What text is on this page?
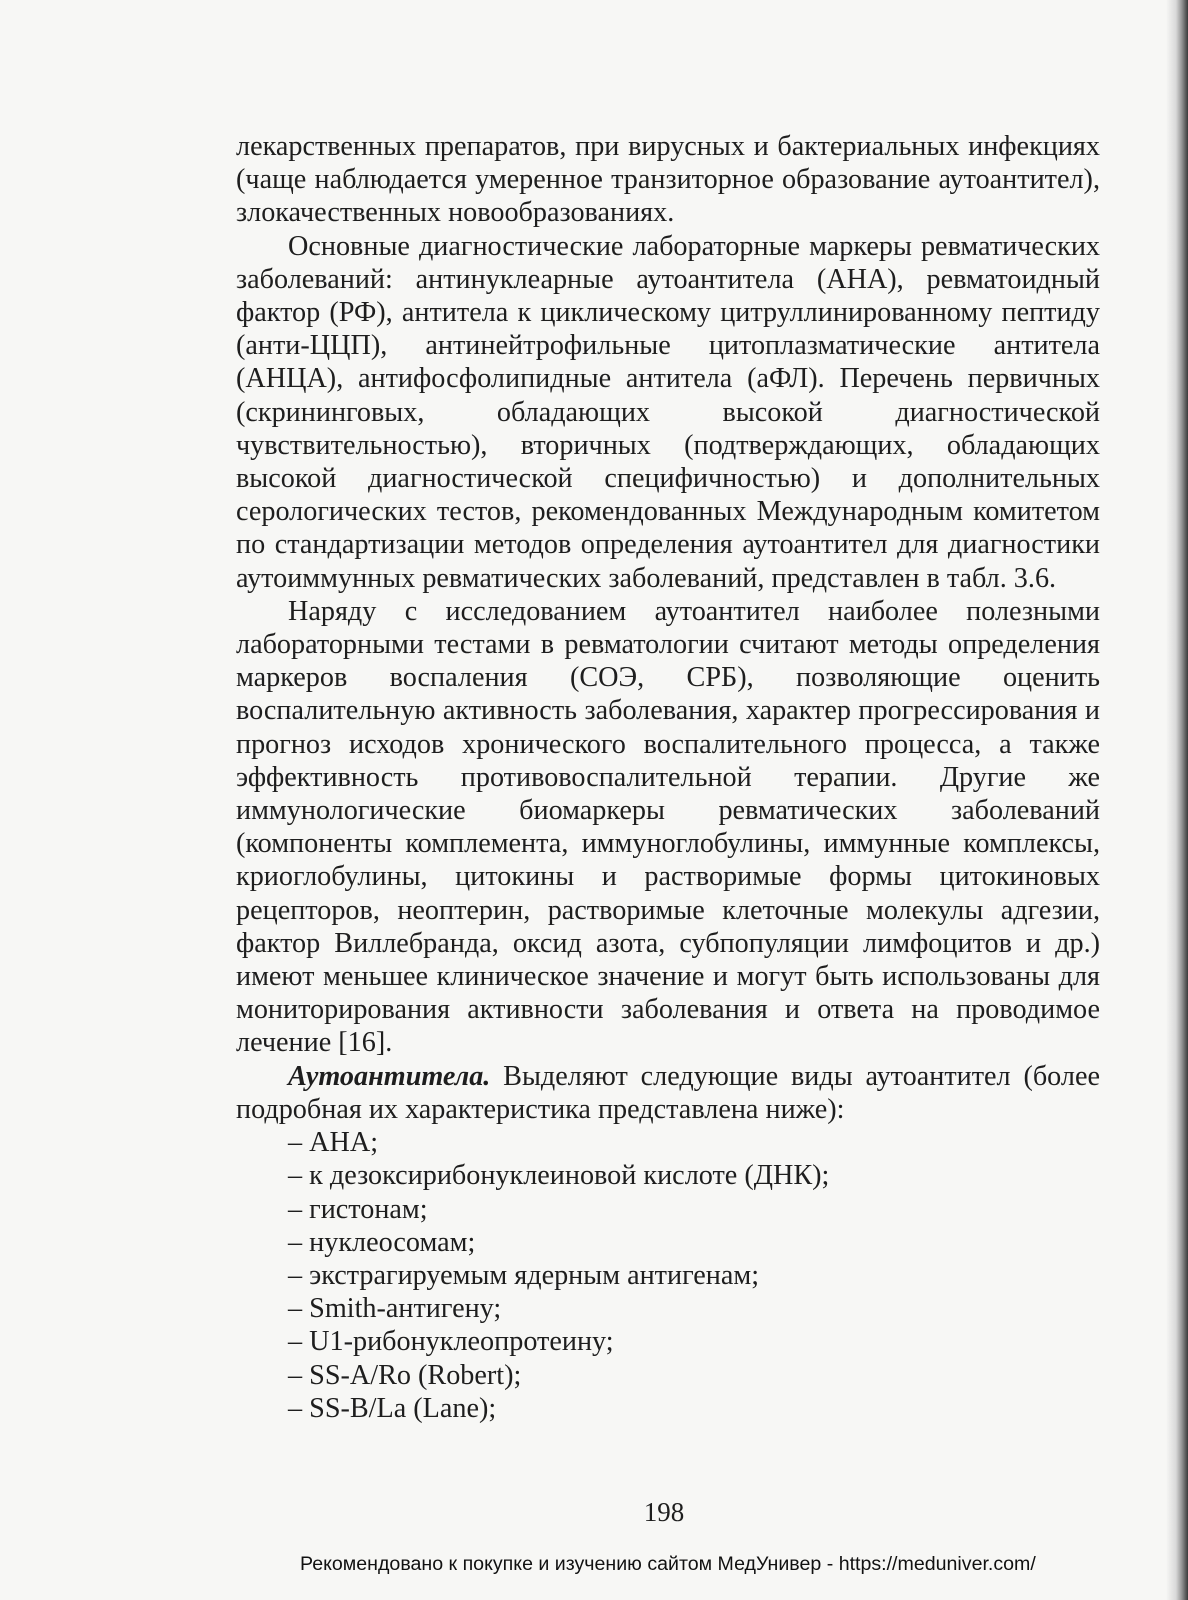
лекарственных препаратов, при вирусных и бактериальных инфекциях (чаще наблюдается умеренное транзиторное образование аутоантител), злокачественных новообразованиях.

Основные диагностические лабораторные маркеры ревматических заболеваний: антинуклеарные аутоантитела (АНА), ревматоидный фактор (РФ), антитела к циклическому цитруллинированному пептиду (анти-ЦЦП), антинейтрофильные цитоплазматические антитела (АНЦА), антифосфолипидные антитела (аФЛ). Перечень первичных (скрининговых, обладающих высокой диагностической чувствительностью), вторичных (подтверждающих, обладающих высокой диагностической специфичностью) и дополнительных серологических тестов, рекомендованных Международным комитетом по стандартизации методов определения аутоантител для диагностики аутоиммунных ревматических заболеваний, представлен в табл. 3.6.

Наряду с исследованием аутоантител наиболее полезными лабораторными тестами в ревматологии считают методы определения маркеров воспаления (СОЭ, СРБ), позволяющие оценить воспалительную активность заболевания, характер прогрессирования и прогноз исходов хронического воспалительного процесса, а также эффективность противовоспалительной терапии. Другие же иммунологические биомаркеры ревматических заболеваний (компоненты комплемента, иммуноглобулины, иммунные комплексы, криоглобулины, цитокины и растворимые формы цитокиновых рецепторов, неоптерин, растворимые клеточные молекулы адгезии, фактор Виллебранда, оксид азота, субпопуляции лимфоцитов и др.) имеют меньшее клиническое значение и могут быть использованы для мониторирования активности заболевания и ответа на проводимое лечение [16].

Аутоантитела. Выделяют следующие виды аутоантител (более подробная их характеристика представлена ниже):

– АНА;
– к дезоксирибонуклеиновой кислоте (ДНК);
– гистонам;
– нуклеосомам;
– экстрагируемым ядерным антигенам;
– Smith-антигену;
– U1-рибонуклеопротеину;
– SS-A/Ro (Robert);
– SS-B/La (Lane);
198
Рекомендовано к покупке и изучению сайтом МедУнивер - https://meduniver.com/
